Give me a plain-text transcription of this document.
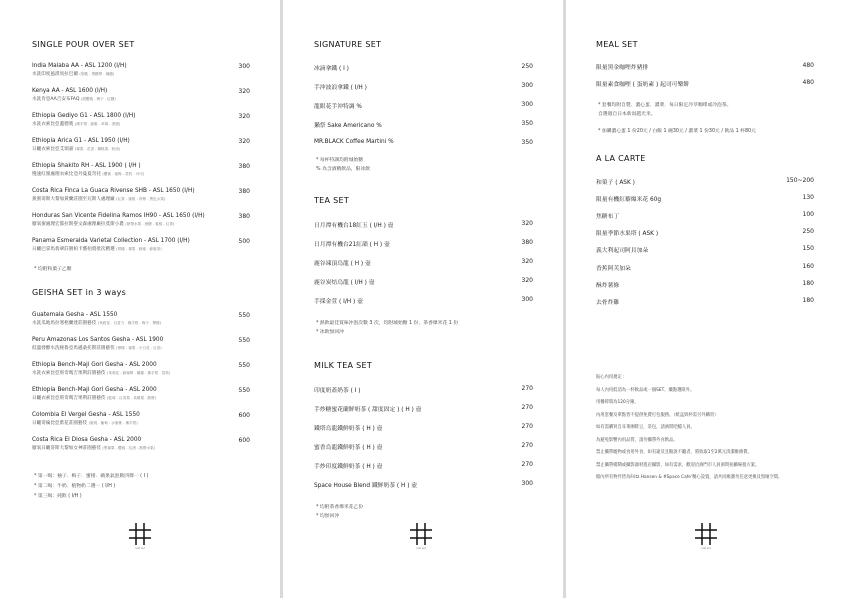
SINGLE POUR OVER SET
India Malaba AA - ASL 1200 (I/H)
水洗印度風漬馬拉巴爾 (胡桃 . 黑糖漿 . 辣醬)
300
Kenya AA - ASL 1600 (I/H)
水洗肯亞AA吉安布FAQ (甜櫻桃 . 梅子 . 紅糖)
320
Ethiopia Gediyo G1 - ASL 1800 (I/H)
水洗衣索比亞蓋德奧 (佛手柑 . 蜂蜜 . 草莓 . 茶感)
320
Ethiopia Arica G1 - ASL 1950 (I/H)
日曬衣索比亞艾瑞嘉 (莓果 . 花香 . 楊桃果 . 奶油)
320
Ethiopia Shakito RH - ASL 1900 ( I/H )
慢速紅蜜處理衣索比亞丹曼夏奇托 (櫻桃 . 蜜梅 . 荔枝 . 可可)
380
Costa Rica Finca La Guaca Rivense SHB - ASL 1650 (I/H)
黃蜜哥斯大黎加黃蘭莊園至瓦斯人處理廠 (紅茶 . 蜜桃 . 青檸 . 黑色水果)
380
Honduras San Vicente Fidelina Ramos IH90 - ASL 1650 (I/H)
厭氧蜜處理宏都拉斯聖文森處理廠拉莫斯小農 (熱帶水果 . 蔗糖 . 蜜桃 . 紅茶)
380
Panama Esmeralda Varietal Collection - ASL 1700 (I/H)
日曬巴拿馬翡翠莊園柏卡薔拍賣批次精選 (柑橘 . 莓果 . 蜂蜜 . 蜂蜜茶)
500
* 均附和菓子乙顆
GEISHA SET in 3 ways
Guatemala Gesha - ASL 1550
水洗瓜地馬拉寒梧蘭達莊園藝伎 (茉莉花 . 百香力 . 佛手柑 . 梅子 . 檸檬)
550
Peru Amazonas Los Santos Gesha - ASL 1900
低溫發酵水洗秘魯亞馬遜桑托斯莊園藝伎 (檸檬 . 莓果 . 小白花 . 百香)
550
Ethiopia Bench-Maji Gori Gesha - ASL 2000
水洗衣索比亞班奇瑪吉果利莊園藝伎 (茉莉花 . 蜂蜜檸 . 橘檬 . 佛手柑 . 荔枝)
550
Ethiopia Bench-Maji Gori Gesha - ASL 2000
日曬衣索比亞班奇瑪吉果利莊園藝伎 (藍莓 . 百香果 . 黃蘋果 . 熱帶)
550
Colombia El Vergel Gesha - ASL 1550
日曬哥倫比亞紫花莊園藝伎 (蜜桃 . 葡萄 . 水蜜桃 . 佛手柑)
600
Costa Rica El Diosa Gesha - ASL 2000
厭氧日曬哥斯大黎加女神莊園藝伎 (黑莓果 . 櫻桃 . 紅酒 . 熱帶水果)
600
* 第一喝：柚子．梅子．蜜柑．蘋果氣泡飲四擇一 ( I )
* 第二喝：牛奶．植物奶二選一 ( I/H )
* 第三喝：純飲 ( I/H )
rest set
SIGNATURE SET
冰滴拿鐵 ( I )	250
手沖波浪拿鐵 ( I/H )	300
龍眼花手沖特調 %	300
獺祭 Sake Americano %	350
MR.BLACK Coffee Martini %	350
* 每杯特調均附城始糖
% 為含酒精飲品，限冰飲
TEA SET
日月潭有機台18紅玉 ( I/H ) 壺	320
日月潭有機台21紅韻 ( H ) 壺	380
鹿谷凍頂烏龍 ( H ) 壺	320
鹿谷炭焙烏龍 ( I/H ) 壺	320
手採金萱 ( I/H ) 壺	300
* 熱飲最佳賞味沖泡次數 3 次，均附城始糖 1 份，茶香爆米花 1 份
* 冰飲無回沖
MILK TEA SET
印度奶蓋奶茶 ( I )	270
手炒糖蜜花蘭鮮奶茶 ( 甜度固定 ) ( H ) 壺	270
鐵塔烏龍鐵鮮奶茶 ( H ) 壺	270
蜜香烏龍鐵鮮奶茶 ( H ) 壺	270
手炒印度鐵鮮奶茶 ( H ) 壺	270
Space House Blend 鐵鮮奶茶 ( H ) 壺	300
* 均附茶香爆米花乙份
* 均無回沖
rest set
MEAL SET
限量黑金咖哩炸豬排	480
限量素食咖哩 ( 蛋奶素 ) 起司可樂餅	480
* 套餐均附自製．濃心蛋．濃菜．每日限定冷萃咖啡或冷泡茶。
自選週自日本新潟越光米。
* 加購濃心蛋 1 份20元 / 白飯 1 碗30元 / 濃菜 1 份30元 / 飲品 1 杯80元
A LA CARTE
和菓子 ( ASK )	150~200
限量有機紅藜爆米花 60g	130
焦糖布丁	100
限量季節水果塔 ( ASK )	250
義大利起司阿貝加朵	150
香蕉阿芙加朵	160
酥炸薯條	180
去骨炸雞	180
貼心內用規定 :
每人內用低消為一杯飲品或一個SET，藥點選限外。
用餐時間為120分鐘。
內用套餐及單點皆不提供免費打包服務。（紙盒與杯需另外購買）
如有需購買自耳萊咖啡豆，茶包，請詢問吧檯人員。
為避免影響內用品質，請勿攜帶外食飲品。
禁止攜帶寵物或食用外食，如有違反且勸說不聽者，將收取1至2萬元清潔維修費。
禁止攜帶模鬧或攝影器材進店攝影，如有需求，歡迎洽詢門市人員詢問拍攝場租方案。
館內所有物件皆為Fritz Hansen & #Space Cafe'精心設置，請共同維護勿任意更換及毀壞空間。
rest set
